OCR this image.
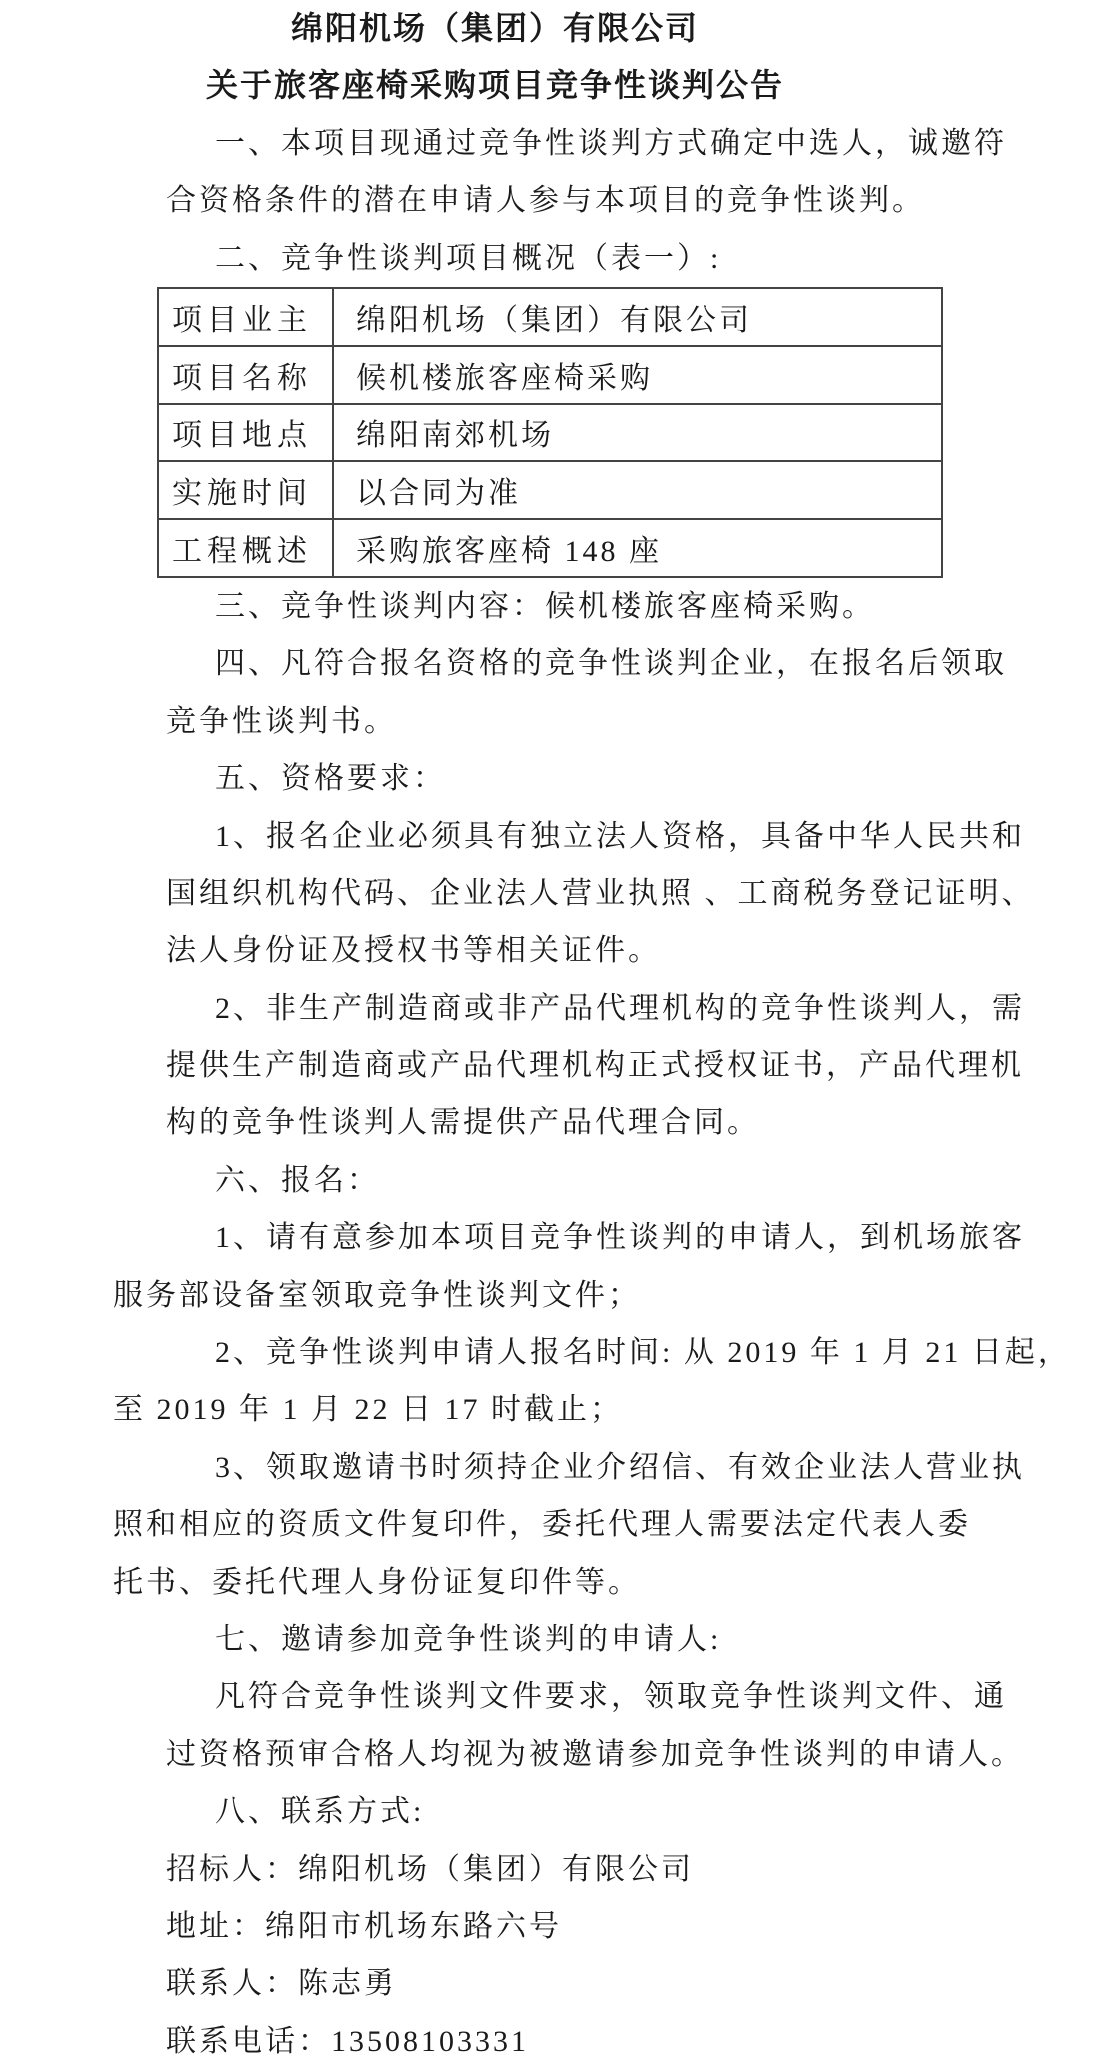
绵阳机场（集团）有限公司
关于旅客座椅采购项目竞争性谈判公告
一、本项目现通过竞争性谈判方式确定中选人，诚邀符
合资格条件的潜在申请人参与本项目的竞争性谈判。
二、竞争性谈判项目概况（表一）:
项目业主	绵阳机场（集团）有限公司
项目名称	候机楼旅客座椅采购
项目地点	绵阳南郊机场
实施时间	以合同为准
工程概述	采购旅客座椅 148 座
三、竞争性谈判内容：候机楼旅客座椅采购。
四、凡符合报名资格的竞争性谈判企业，在报名后领取
竞争性谈判书。
五、资格要求：
1、报名企业必须具有独立法人资格，具备中华人民共和
国组织机构代码、企业法人营业执照 、工商税务登记证明、
法人身份证及授权书等相关证件。
2、非生产制造商或非产品代理机构的竞争性谈判人，需
提供生产制造商或产品代理机构正式授权证书，产品代理机
构的竞争性谈判人需提供产品代理合同。
六、报名：
1、请有意参加本项目竞争性谈判的申请人，到机场旅客
服务部设备室领取竞争性谈判文件；
2、竞争性谈判申请人报名时间: 从 2019 年 1 月 21 日起，
至 2019 年 1 月 22 日 17 时截止；
3、领取邀请书时须持企业介绍信、有效企业法人营业执
照和相应的资质文件复印件，委托代理人需要法定代表人委
托书、委托代理人身份证复印件等。
七、邀请参加竞争性谈判的申请人:
凡符合竞争性谈判文件要求，领取竞争性谈判文件、通
过资格预审合格人均视为被邀请参加竞争性谈判的申请人。
八、联系方式:
招标人：绵阳机场（集团）有限公司
地址：绵阳市机场东路六号
联系人：陈志勇
联系电话：13508103331
